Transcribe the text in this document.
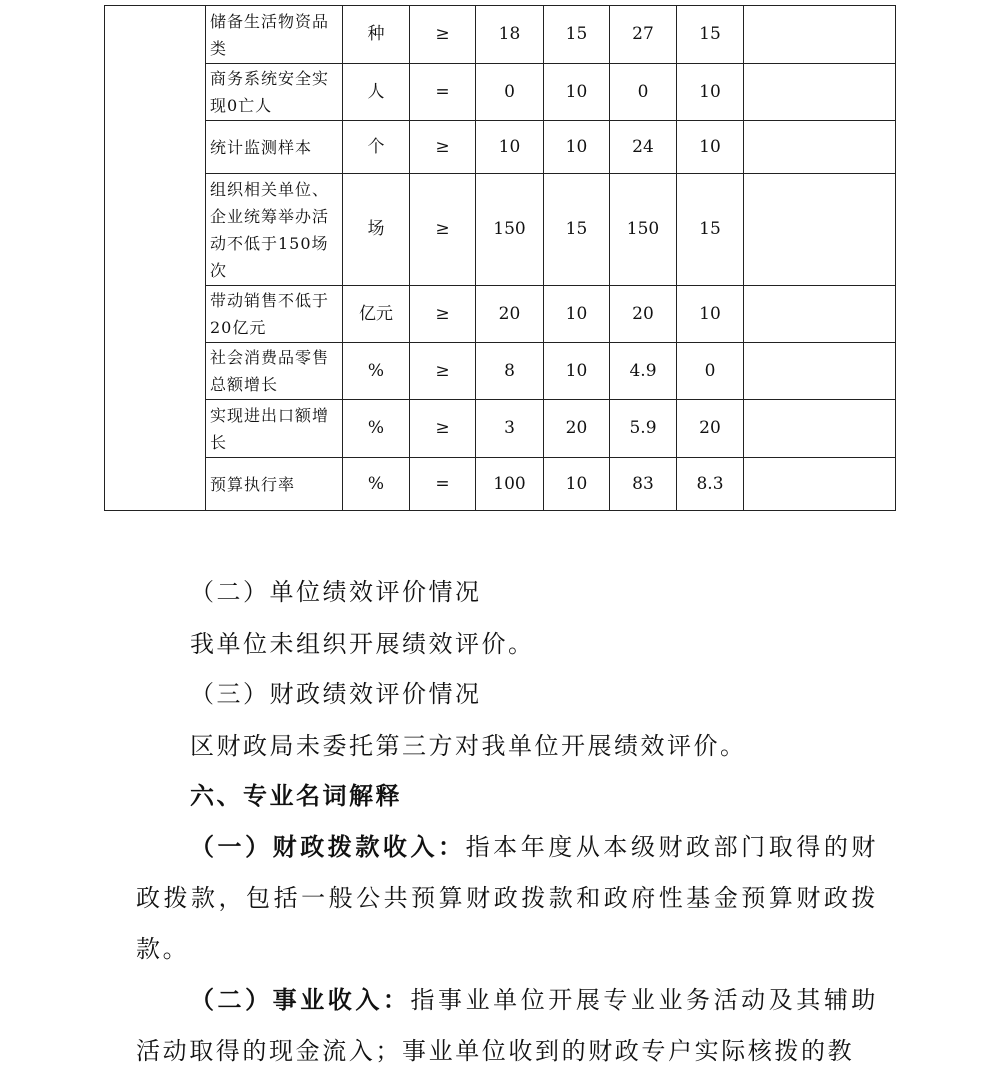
	储备生活物资品类	种	≥	18	15	27	15	
	商务系统安全实现0亡人	人	=	0	10	0	10	
	统计监测样本	个	≥	10	10	24	10	
	组织相关单位、企业统筹举办活动不低于150场次	场	≥	150	15	150	15	
	带动销售不低于20亿元	亿元	≥	20	10	20	10	
	社会消费品零售总额增长	%	≥	8	10	4.9	0	
	实现进出口额增长	%	≥	3	20	5.9	20	
	预算执行率	%	=	100	10	83	8.3	
（二）单位绩效评价情况
我单位未组织开展绩效评价。
（三）财政绩效评价情况
区财政局未委托第三方对我单位开展绩效评价。
六、专业名词解释
（一）财政拨款收入：指本年度从本级财政部门取得的财政拨款，包括一般公共预算财政拨款和政府性基金预算财政拨款。
（二）事业收入：指事业单位开展专业业务活动及其辅助活动取得的现金流入；事业单位收到的财政专户实际核拨的教
